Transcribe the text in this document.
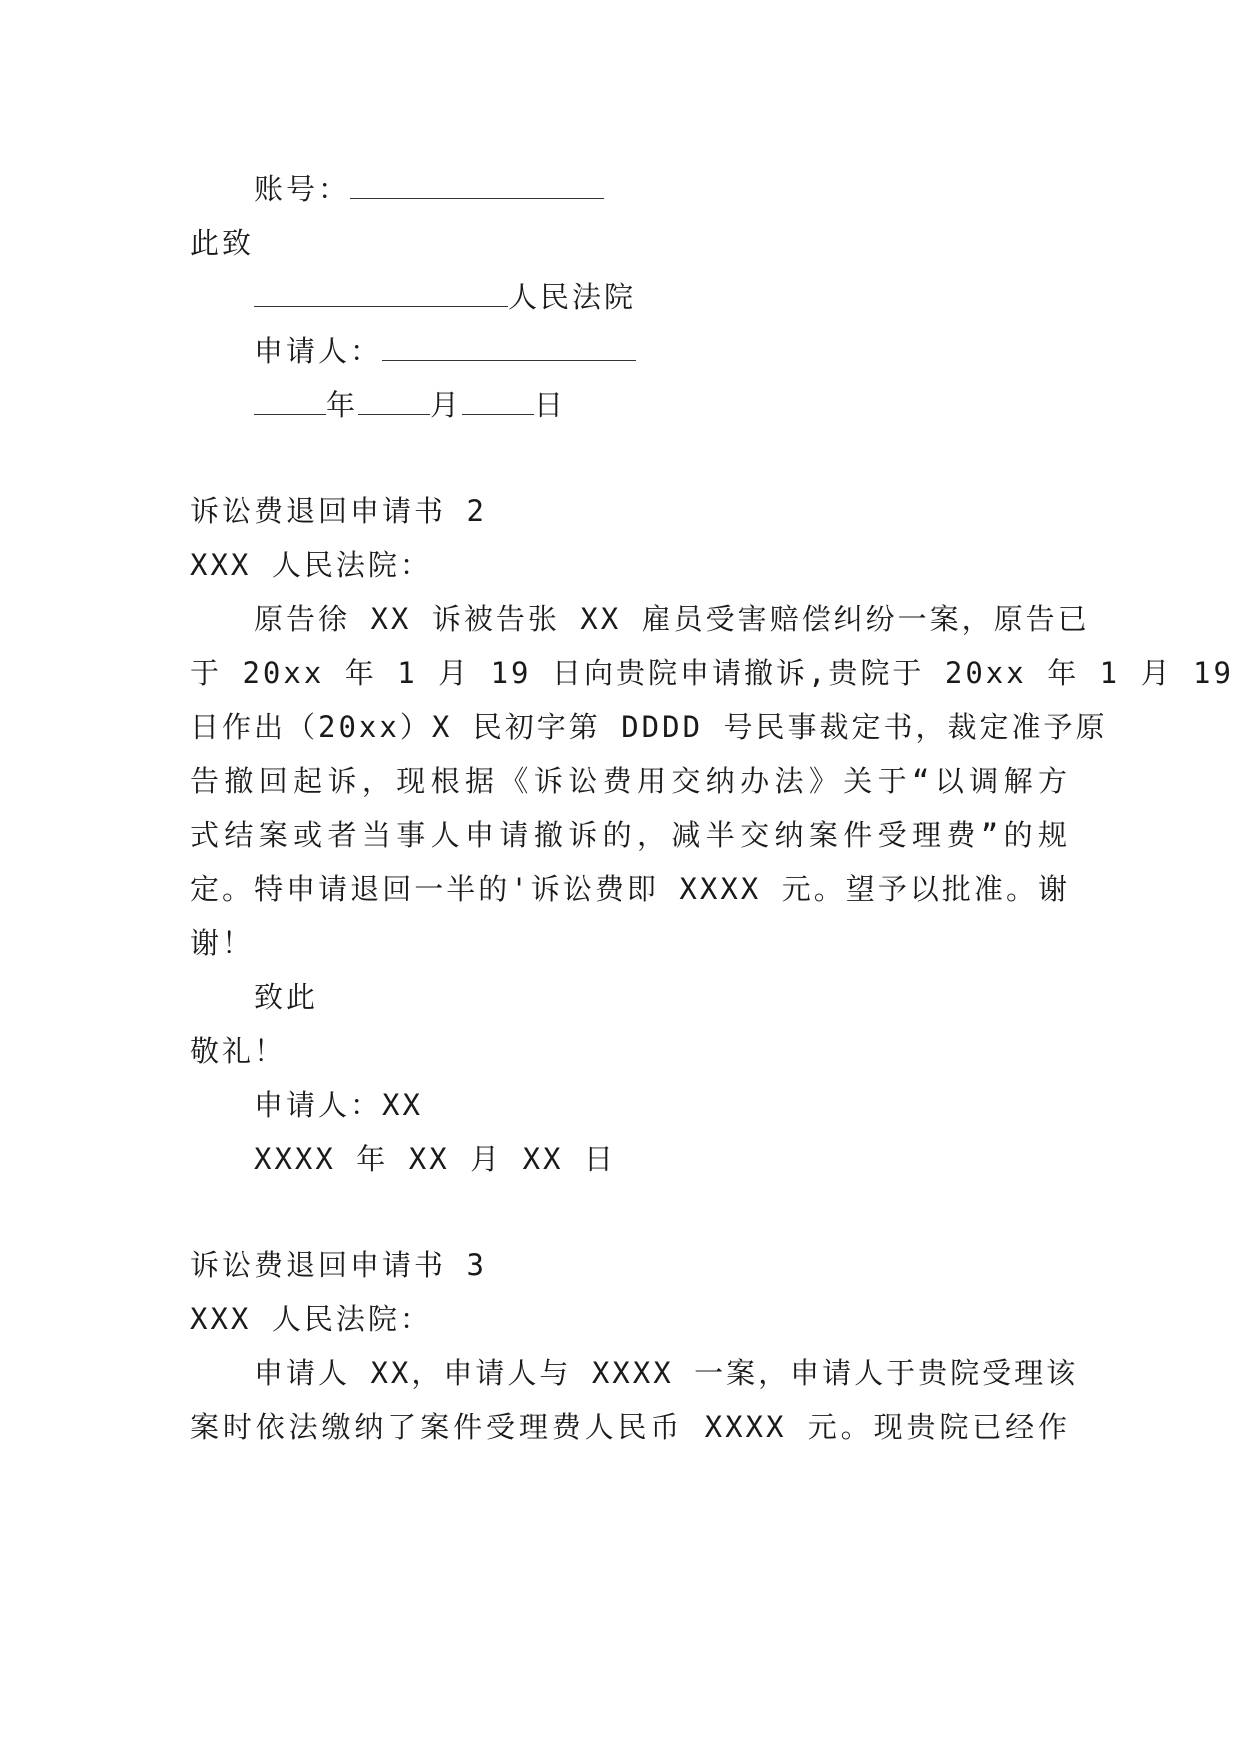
账号：
此致
人民法院
申请人：
年 月 日
诉讼费退回申请书 2
XXX 人民法院：
原告徐 XX 诉被告张 XX 雇员受害赔偿纠纷一案，原告已
于 20xx 年 1 月 19 日向贵院申请撤诉,贵院于 20xx 年 1 月 19
日作出（20xx）X 民初字第 DDDD 号民事裁定书，裁定准予原
告撤回起诉，现根据《诉讼费用交纳办法》关于“以调解方
式结案或者当事人申请撤诉的，减半交纳案件受理费”的规
定。特申请退回一半的'诉讼费即 XXXX 元。望予以批准。谢
谢！
致此
敬礼！
申请人：XX
XXXX 年 XX 月 XX 日
诉讼费退回申请书 3
XXX 人民法院：
申请人 XX，申请人与 XXXX 一案，申请人于贵院受理该
案时依法缴纳了案件受理费人民币 XXXX 元。现贵院已经作
